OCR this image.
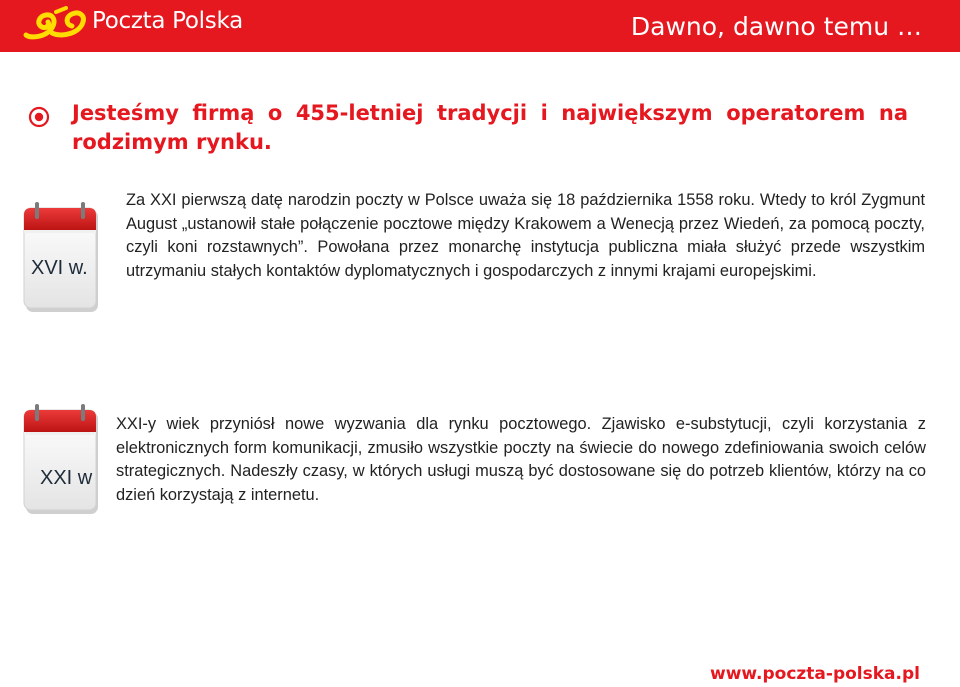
Poczta Polska	Dawno, dawno temu …

Jesteśmy firmą o 455-letniej tradycji i największym operatorem na rodzimym rynku.

XVI w.

Za XXI pierwszą datę narodzin poczty w Polsce uważa się 18 października 1558 roku. Wtedy to król Zygmunt August „ustanowił stałe połączenie pocztowe między Krakowem a Wenecją przez Wiedeń, za pomocą poczty, czyli koni rozstawnych”. Powołana przez monarchę instytucja publiczna miała służyć przede wszystkim utrzymaniu stałych kontaktów dyplomatycznych i gospodarczych z innymi krajami europejskimi.

XXI w

XXI-y wiek przyniósł nowe wyzwania dla rynku pocztowego. Zjawisko e-substytucji, czyli korzystania z elektronicznych form komunikacji, zmusiło wszystkie poczty na świecie do nowego zdefiniowania swoich celów strategicznych. Nadeszły czasy, w których usługi muszą być dostosowane się do potrzeb klientów, którzy na co dzień korzystają z internetu.

www.poczta-polska.pl
